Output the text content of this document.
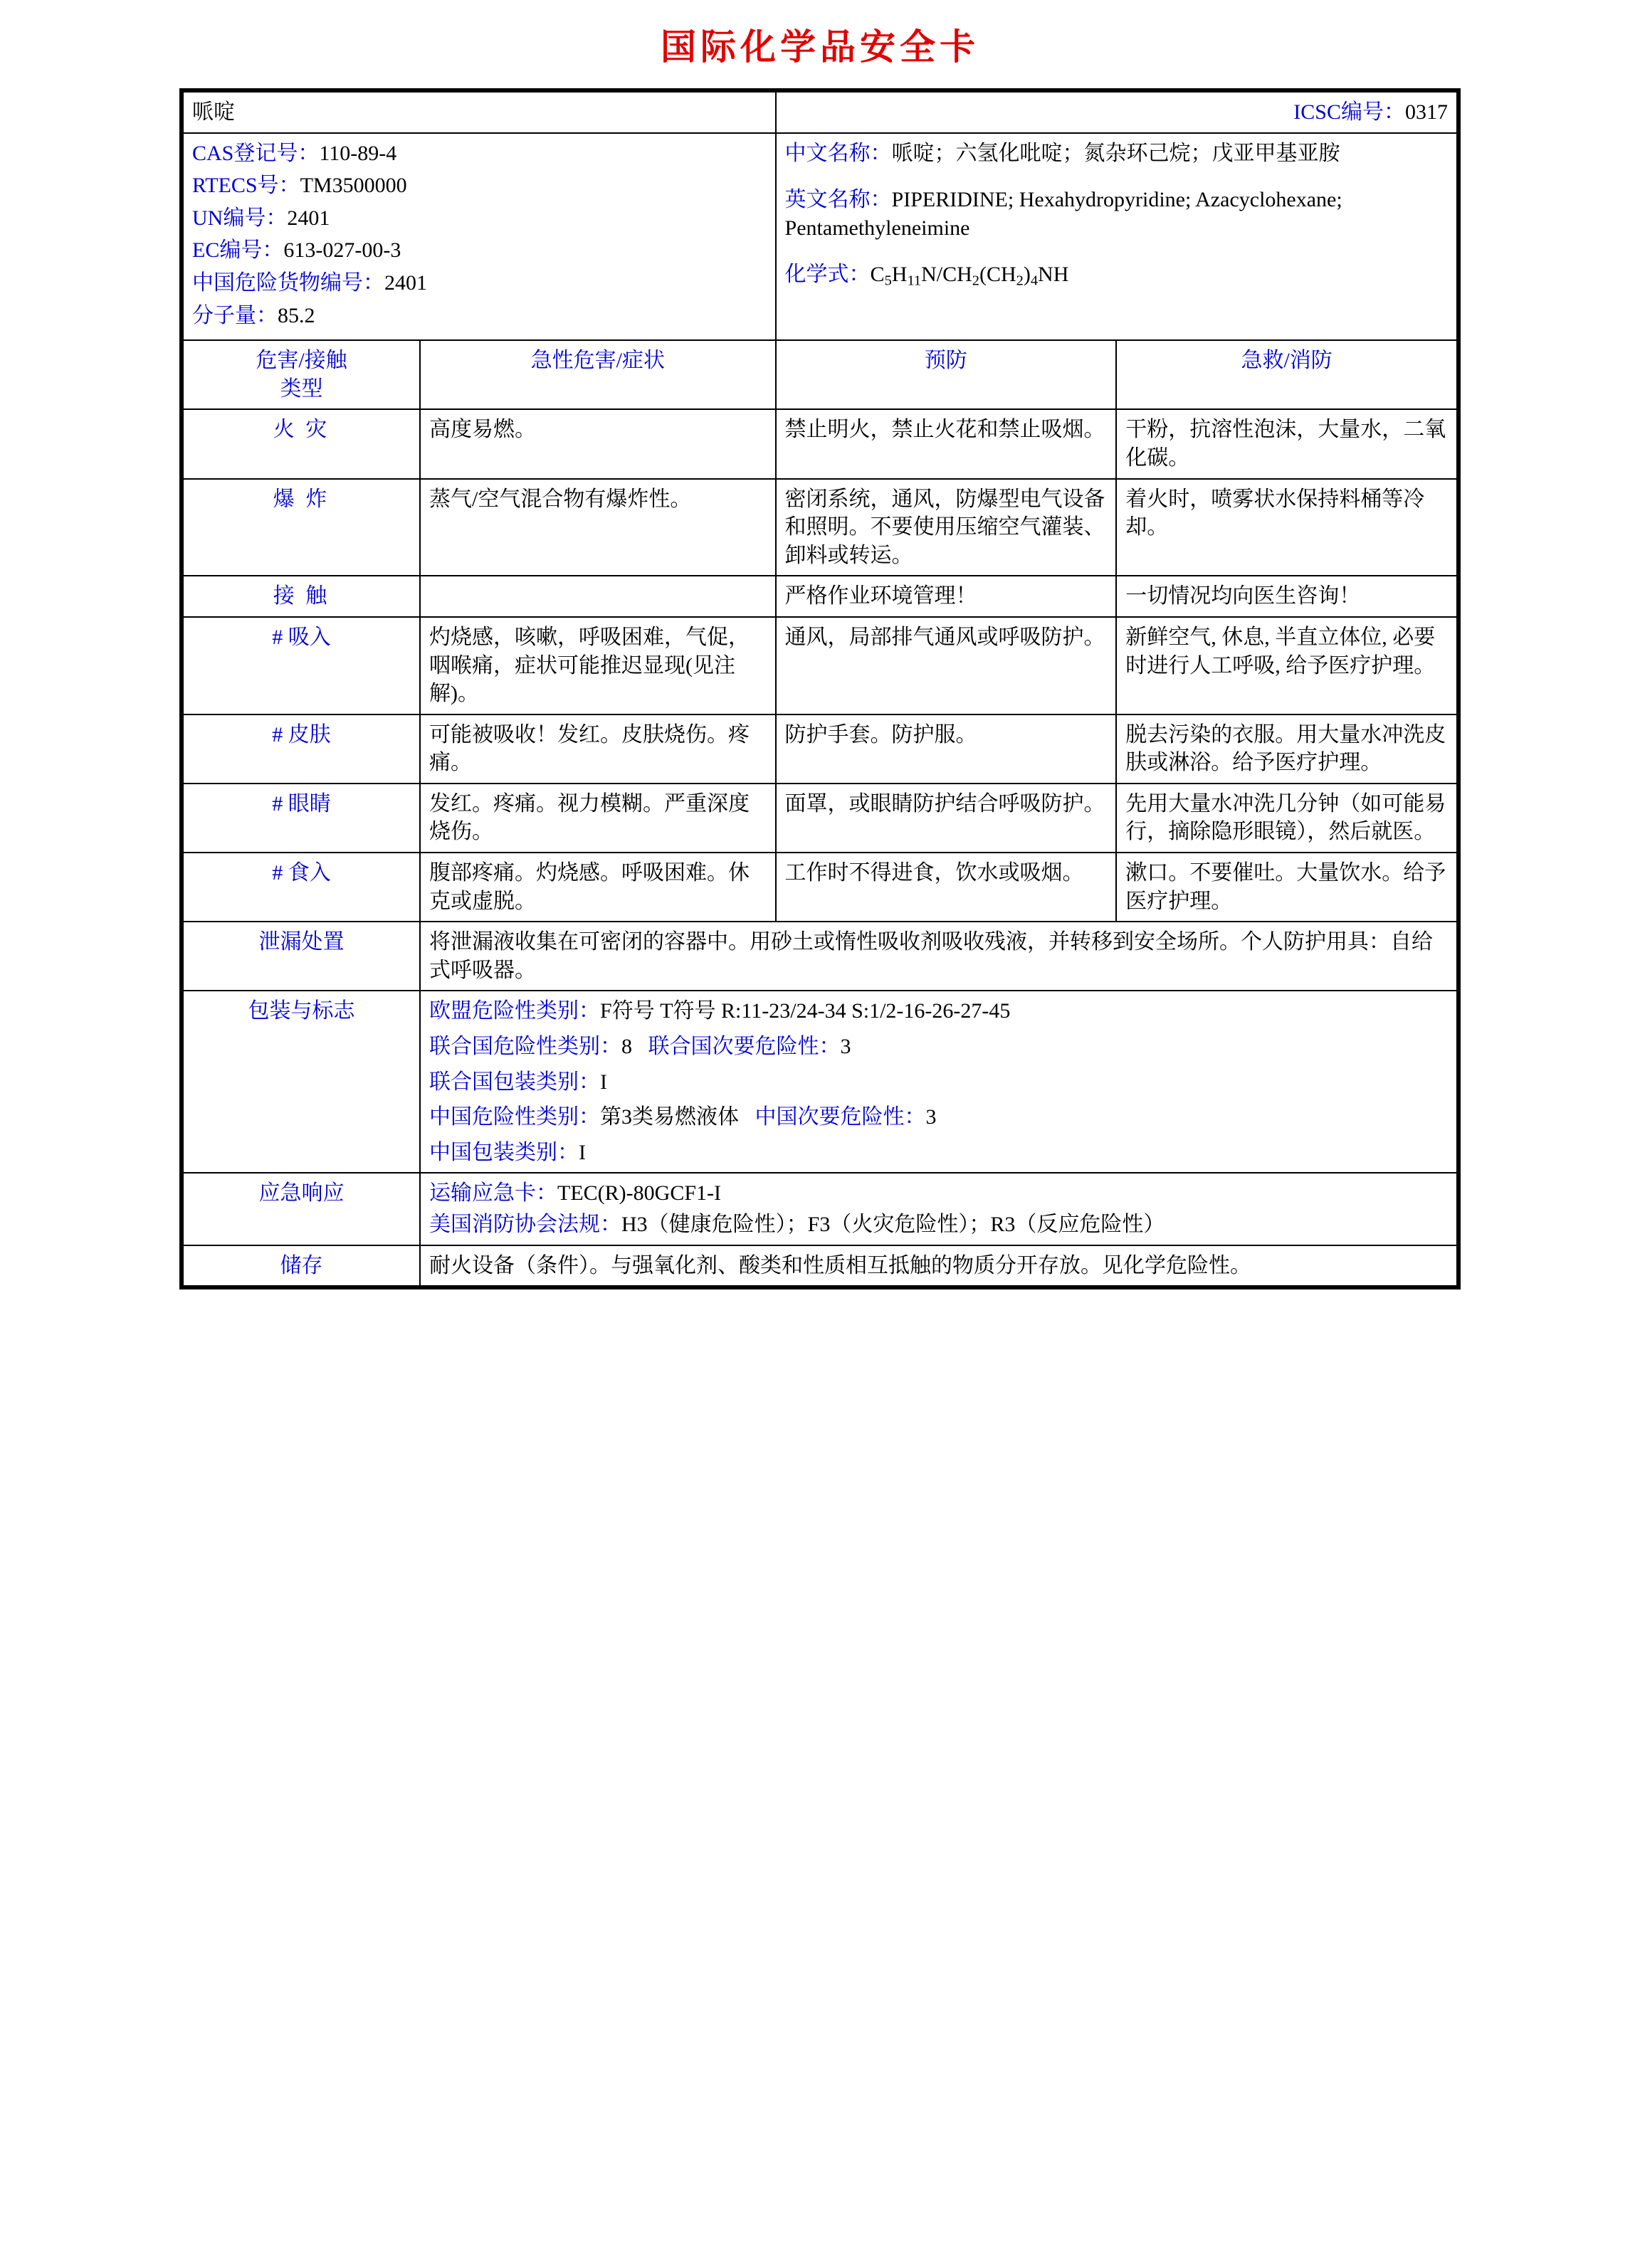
国际化学品安全卡
哌啶		ICSC编号：0317	

CAS登记号：110-89-4
RTECS号：TM3500000
UN编号：2401
EC编号：613-027-00-3
中国危险货物编号：2401
分子量：85.2

中文名称：哌啶；六氢化吡啶；氮杂环己烷；戊亚甲基亚胺
英文名称：PIPERIDINE; Hexahydropyridine; Azacyclohexane; Pentamethyleneimine
化学式：$C_5H_{11}N/CH_2(CH_2)_4NH$

危害/接触
类型	急性危害/症状	预防	急救/消防
火 灾	高度易燃。	禁止明火，禁止火花和禁止吸烟。	干粉，抗溶性泡沫，大量水，二氧化碳。
爆 炸	蒸气/空气混合物有爆炸性。	密闭系统，通风，防爆型电气设备和照明。不要使用压缩空气灌装、卸料或转运。	着火时，喷雾状水保持料桶等冷却。
接 触		严格作业环境管理！	一切情况均向医生咨询！
# 吸入	灼烧感，咳嗽，呼吸困难，气促，咽喉痛，症状可能推迟显现(见注解)。	通风，局部排气通风或呼吸防护。	新鲜空气, 休息, 半直立体位, 必要时进行人工呼吸, 给予医疗护理。
# 皮肤	可能被吸收！发红。皮肤烧伤。疼痛。	防护手套。防护服。	脱去污染的衣服。用大量水冲洗皮肤或淋浴。给予医疗护理。
# 眼睛	发红。疼痛。视力模糊。严重深度烧伤。	面罩，或眼睛防护结合呼吸防护。	先用大量水冲洗几分钟（如可能易行，摘除隐形眼镜），然后就医。
# 食入	腹部疼痛。灼烧感。呼吸困难。休克或虚脱。	工作时不得进食，饮水或吸烟。	漱口。不要催吐。大量饮水。给予医疗护理。
泄漏处置	将泄漏液收集在可密闭的容器中。用砂土或惰性吸收剂吸收残液，并转移到安全场所。个人防护用具：自给式呼吸器。		
包装与标志	欧盟危险性类别：F符号 T符号 R:11-23/24-34 S:1/2-16-26-27-45

联合国危险性类别：8 联合国次要危险性：3

联合国包装类别：I

中国危险性类别：第3类易燃液体 中国次要危险性：3

中国包装类别：I		

应急响应	运输应急卡：TEC(R)-80GCF1-I

美国消防协会法规：H3（健康危险性）；F3（火灾危险性）；R3（反应危险性）		

储存	耐火设备（条件）。与强氧化剂、酸类和性质相互抵触的物质分开存放。见化学危险性。		
